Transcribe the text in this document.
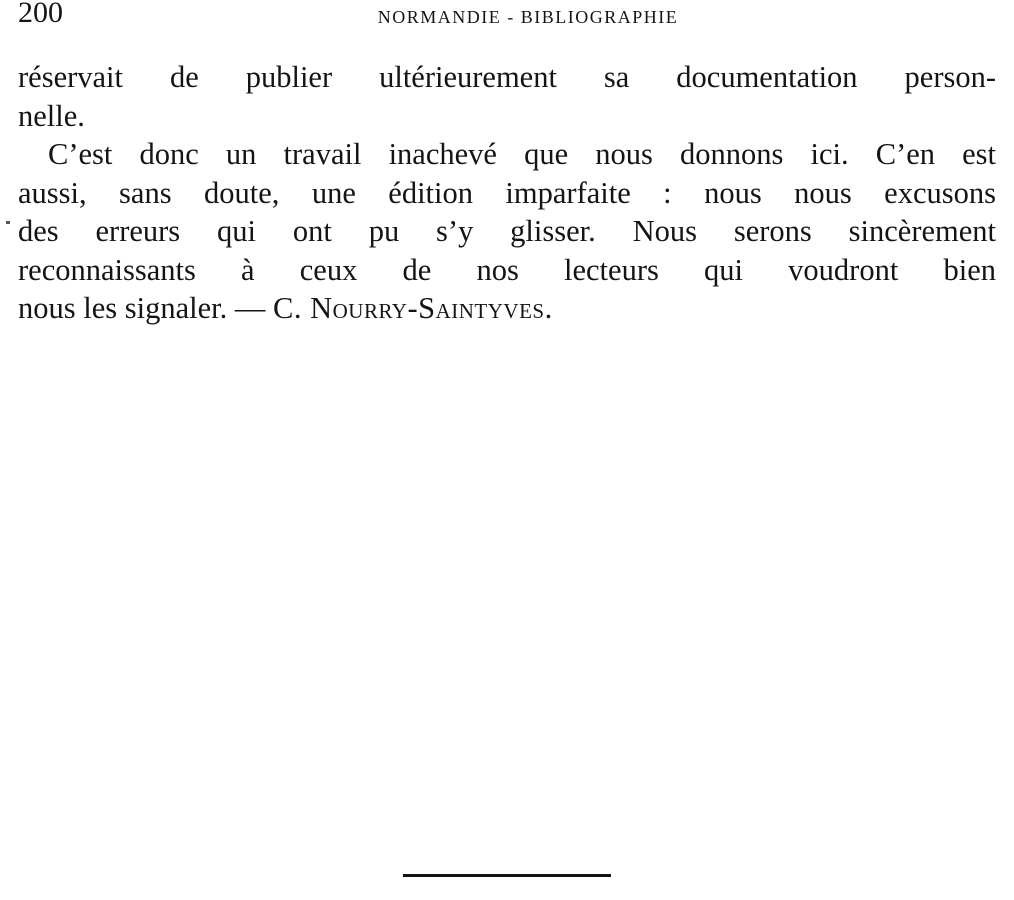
200	NORMANDIE - BIBLIOGRAPHIE
réservait de publier ultérieurement sa documentation person-
nelle.
C’est donc un travail inachevé que nous donnons ici. C’en est
aussi, sans doute, une édition imparfaite : nous nous excusons
des erreurs qui ont pu s’y glisser. Nous serons sincèrement
reconnaissants à ceux de nos lecteurs qui voudront bien
nous les signaler. — C. Nourry-Saintyves.
